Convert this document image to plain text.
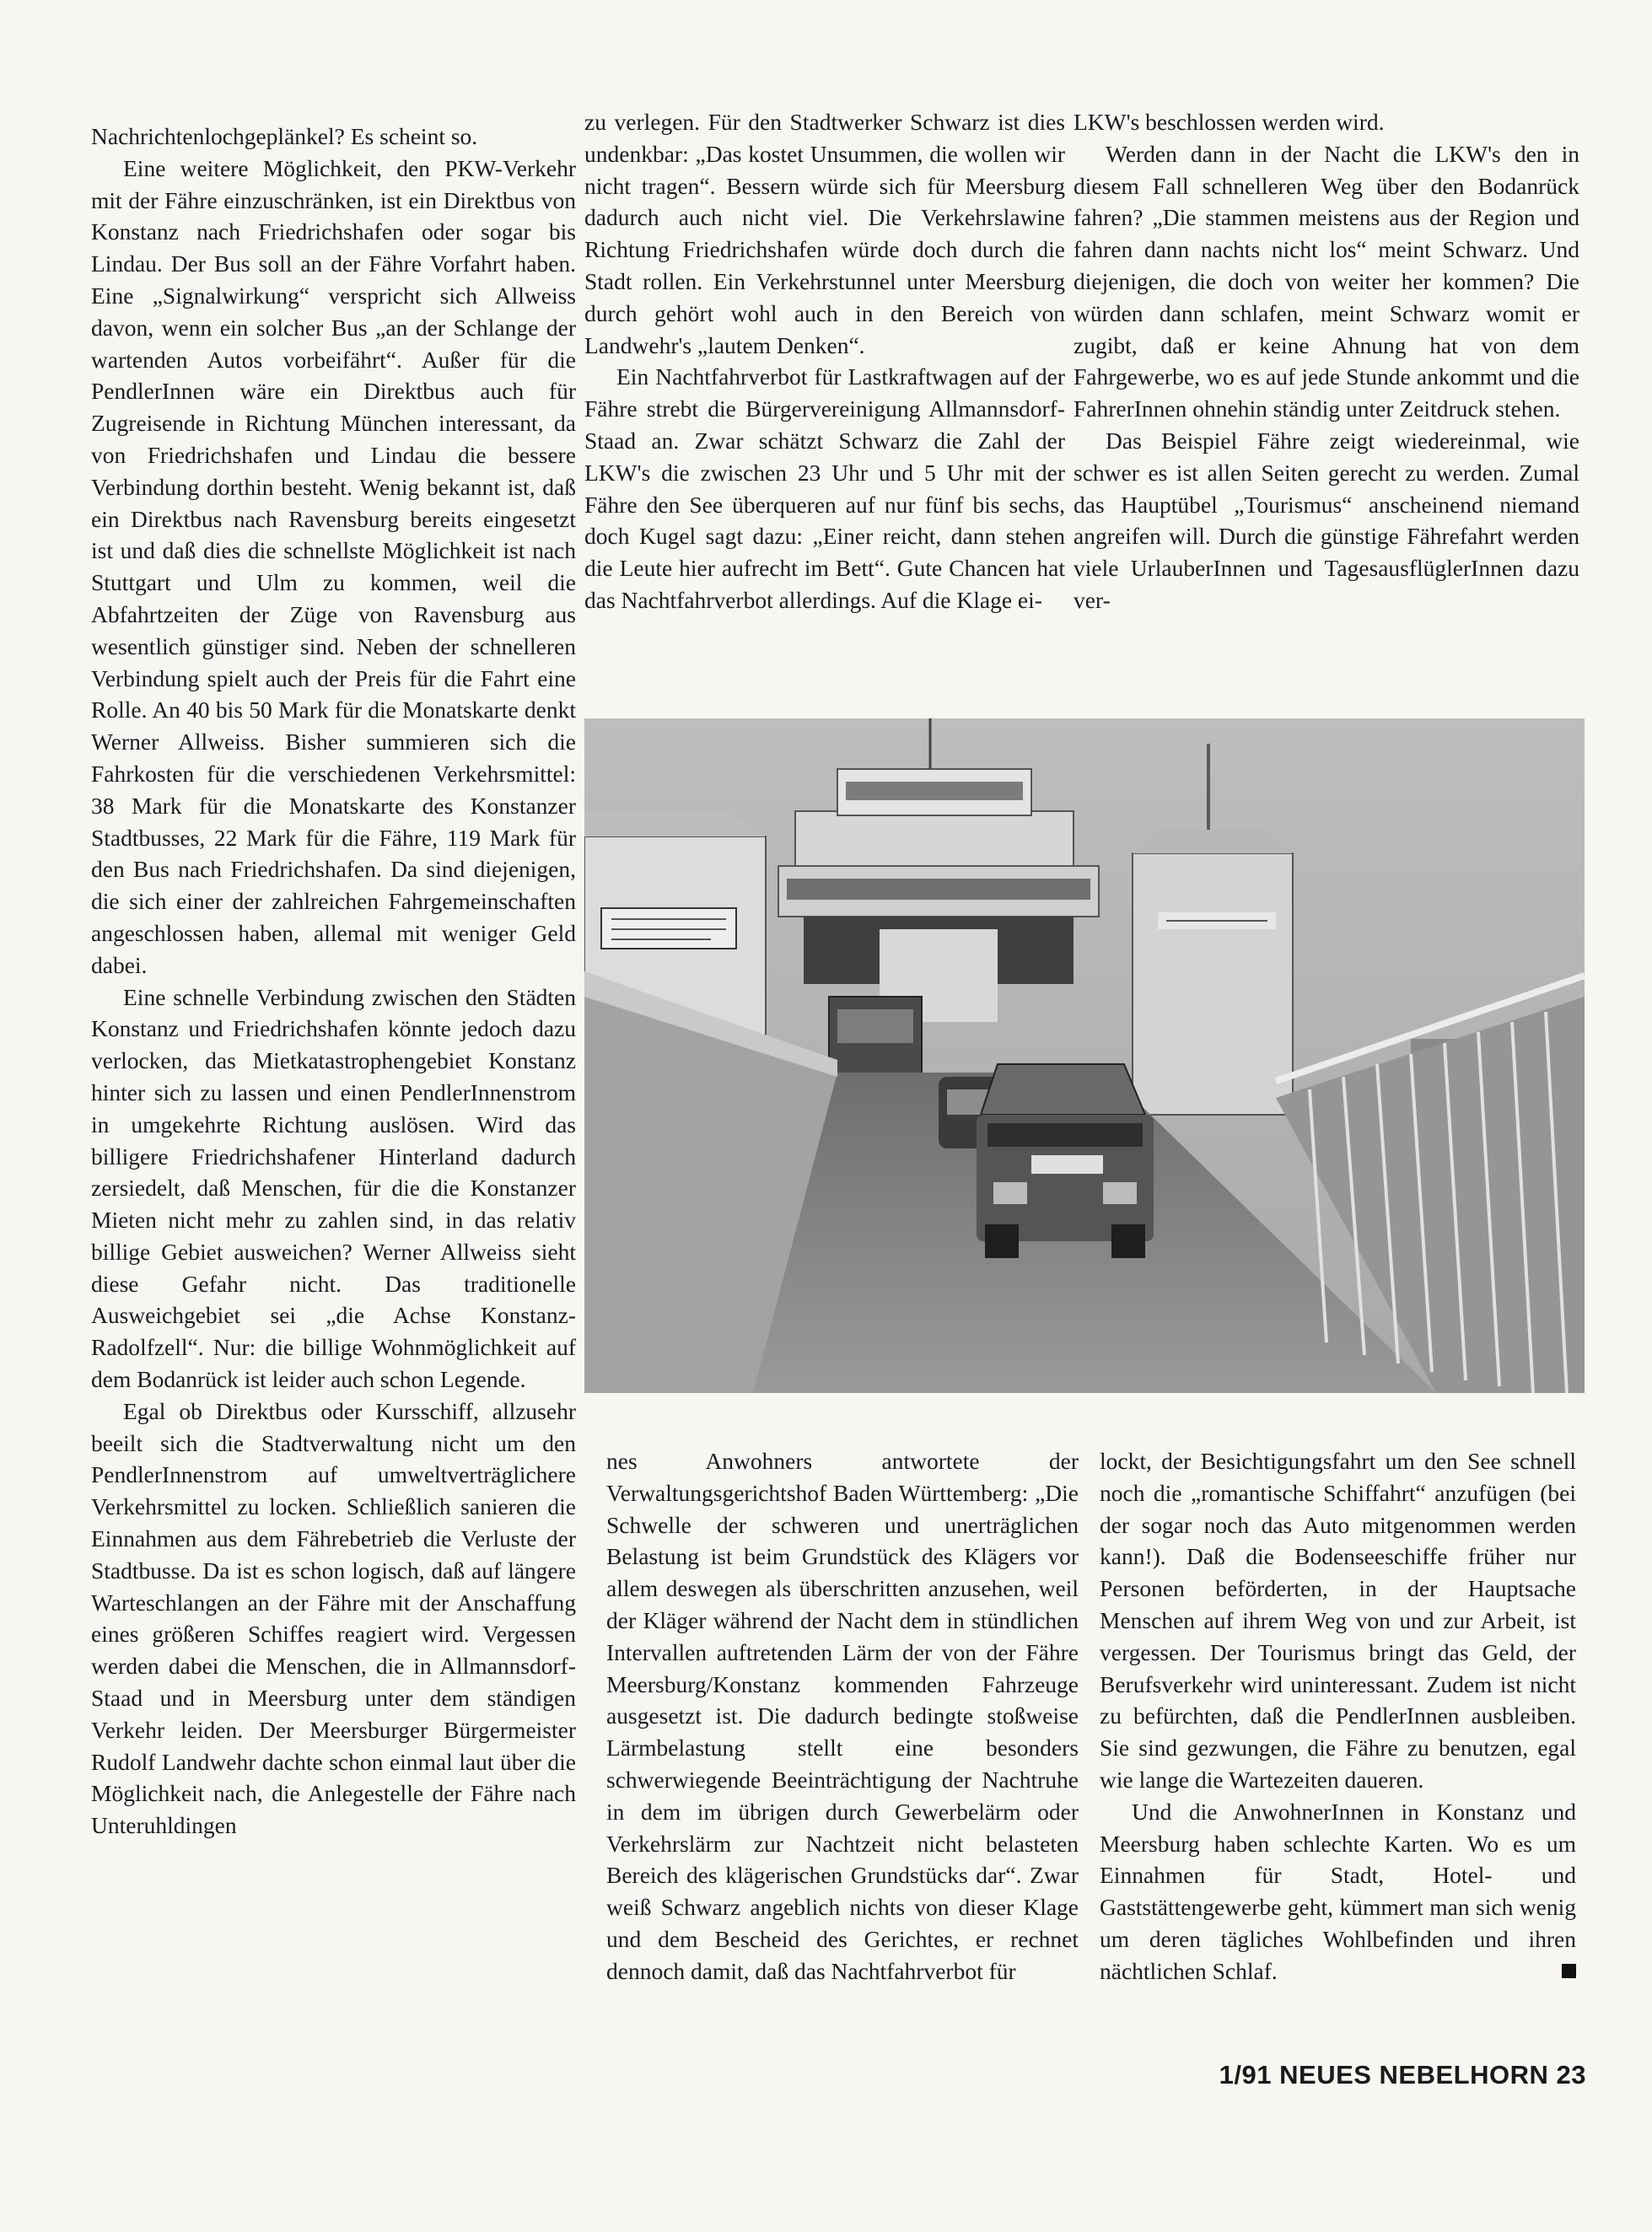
Nachrichtenlochgeplänkel? Es scheint so.

Eine weitere Möglichkeit, den PKW-Verkehr mit der Fähre einzuschränken, ist ein Direktbus von Konstanz nach Friedrichshafen oder sogar bis Lindau. Der Bus soll an der Fähre Vorfahrt haben. Eine „Signalwirkung“ verspricht sich Allweiss davon, wenn ein solcher Bus „an der Schlange der wartenden Autos vorbeifährt“. Außer für die PendlerInnen wäre ein Direktbus auch für Zugreisende in Richtung München interessant, da von Friedrichshafen und Lindau die bessere Verbindung dorthin besteht. Wenig bekannt ist, daß ein Direktbus nach Ravensburg bereits eingesetzt ist und daß dies die schnellste Möglichkeit ist nach Stuttgart und Ulm zu kommen, weil die Abfahrtzeiten der Züge von Ravensburg aus wesentlich günstiger sind. Neben der schnelleren Verbindung spielt auch der Preis für die Fahrt eine Rolle. An 40 bis 50 Mark für die Monatskarte denkt Werner Allweiss. Bisher summieren sich die Fahrkosten für die verschiedenen Verkehrsmittel: 38 Mark für die Monatskarte des Konstanzer Stadtbusses, 22 Mark für die Fähre, 119 Mark für den Bus nach Friedrichshafen. Da sind diejenigen, die sich einer der zahlreichen Fahrgemeinschaften angeschlossen haben, allemal mit weniger Geld dabei.

Eine schnelle Verbindung zwischen den Städten Konstanz und Friedrichshafen könnte jedoch dazu verlocken, das Mietkatastrophengebiet Konstanz hinter sich zu lassen und einen PendlerInnenstrom in umgekehrte Richtung auslösen. Wird das billigere Friedrichshafener Hinterland dadurch zersiedelt, daß Menschen, für die die Konstanzer Mieten nicht mehr zu zahlen sind, in das relativ billige Gebiet ausweichen? Werner Allweiss sieht diese Gefahr nicht. Das traditionelle Ausweichgebiet sei „die Achse Konstanz-Radolfzell“. Nur: die billige Wohnmöglichkeit auf dem Bodanrück ist leider auch schon Legende.

Egal ob Direktbus oder Kursschiff, allzusehr beeilt sich die Stadtverwaltung nicht um den PendlerInnenstrom auf umweltverträglichere Verkehrsmittel zu locken. Schließlich sanieren die Einnahmen aus dem Fährebetrieb die Verluste der Stadtbusse. Da ist es schon logisch, daß auf längere Warteschlangen an der Fähre mit der Anschaffung eines größeren Schiffes reagiert wird. Vergessen werden dabei die Menschen, die in Allmannsdorf-Staad und in Meersburg unter dem ständigen Verkehr leiden. Der Meersburger Bürgermeister Rudolf Landwehr dachte schon einmal laut über die Möglichkeit nach, die Anlegestelle der Fähre nach Unteruhldingen

zu verlegen. Für den Stadtwerker Schwarz ist dies undenkbar: „Das kostet Unsummen, die wollen wir nicht tragen“. Bessern würde sich für Meersburg dadurch auch nicht viel. Die Verkehrslawine Richtung Friedrichshafen würde doch durch die Stadt rollen. Ein Verkehrstunnel unter Meersburg durch gehört wohl auch in den Bereich von Landwehr's „lautem Denken“.

Ein Nachtfahrverbot für Lastkraftwagen auf der Fähre strebt die Bürgervereinigung Allmannsdorf-Staad an. Zwar schätzt Schwarz die Zahl der LKW's die zwischen 23 Uhr und 5 Uhr mit der Fähre den See überqueren auf nur fünf bis sechs, doch Kugel sagt dazu: „Einer reicht, dann stehen die Leute hier aufrecht im Bett“. Gute Chancen hat das Nachtfahrverbot allerdings. Auf die Klage ei-

LKW's beschlossen werden wird.

Werden dann in der Nacht die LKW's den in diesem Fall schnelleren Weg über den Bodanrück fahren? „Die stammen meistens aus der Region und fahren dann nachts nicht los“ meint Schwarz. Und diejenigen, die doch von weiter her kommen? Die würden dann schlafen, meint Schwarz womit er zugibt, daß er keine Ahnung hat von dem Fahrgewerbe, wo es auf jede Stunde ankommt und die FahrerInnen ohnehin ständig unter Zeitdruck stehen.

Das Beispiel Fähre zeigt wiedereinmal, wie schwer es ist allen Seiten gerecht zu werden. Zumal das Hauptübel „Tourismus“ anscheinend niemand angreifen will. Durch die günstige Fährefahrt werden viele UrlauberInnen und TagesausflüglerInnen dazu ver-

nes Anwohners antwortete der Verwaltungsgerichtshof Baden Württemberg: „Die Schwelle der schweren und unerträglichen Belastung ist beim Grundstück des Klägers vor allem deswegen als überschritten anzusehen, weil der Kläger während der Nacht dem in stündlichen Intervallen auftretenden Lärm der von der Fähre Meersburg/Konstanz kommenden Fahrzeuge ausgesetzt ist. Die dadurch bedingte stoßweise Lärmbelastung stellt eine besonders schwerwiegende Beeinträchtigung der Nachtruhe in dem im übrigen durch Gewerbelärm oder Verkehrslärm zur Nachtzeit nicht belasteten Bereich des klägerischen Grundstücks dar“. Zwar weiß Schwarz angeblich nichts von dieser Klage und dem Bescheid des Gerichtes, er rechnet dennoch damit, daß das Nachtfahrverbot für

lockt, der Besichtigungsfahrt um den See schnell noch die „romantische Schiffahrt“ anzufügen (bei der sogar noch das Auto mitgenommen werden kann!). Daß die Bodenseeschiffe früher nur Personen beförderten, in der Hauptsache Menschen auf ihrem Weg von und zur Arbeit, ist vergessen. Der Tourismus bringt das Geld, der Berufsverkehr wird uninteressant. Zudem ist nicht zu befürchten, daß die PendlerInnen ausbleiben. Sie sind gezwungen, die Fähre zu benutzen, egal wie lange die Wartezeiten daueren.

Und die AnwohnerInnen in Konstanz und Meersburg haben schlechte Karten. Wo es um Einnahmen für Stadt, Hotel- und Gaststättengewerbe geht, kümmert man sich wenig um deren tägliches Wohlbefinden und ihren nächtlichen Schlaf.

1/91 NEUES NEBELHORN 23
